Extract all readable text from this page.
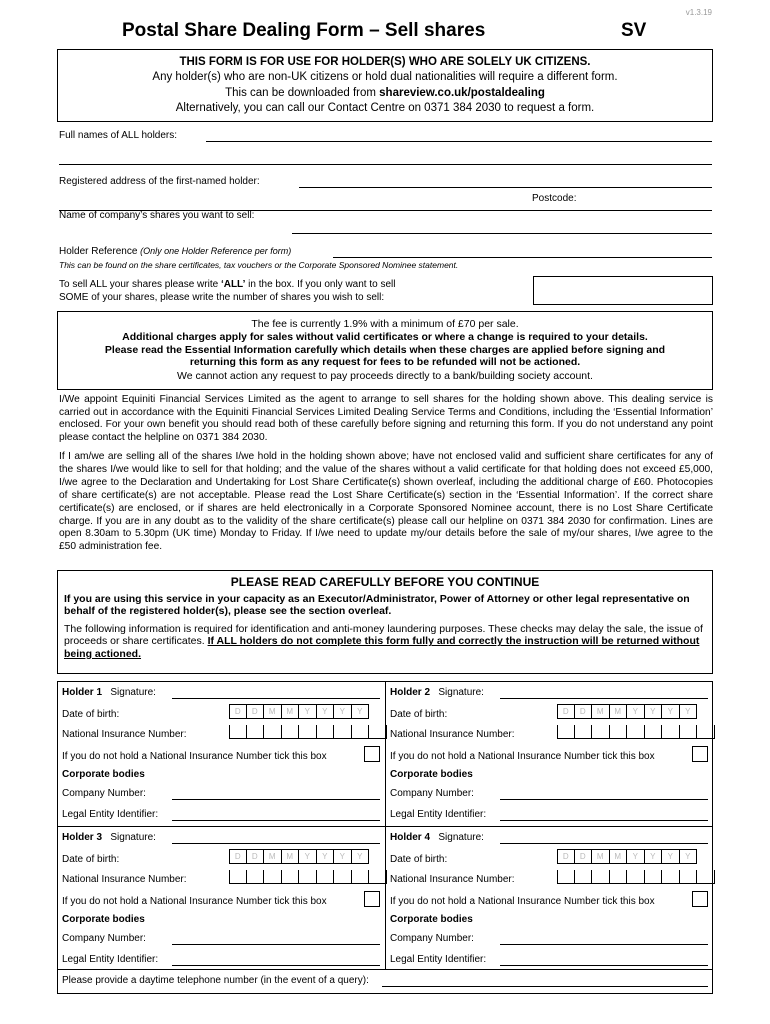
v1.3.19
Postal Share Dealing Form – Sell shares	SV
THIS FORM IS FOR USE FOR HOLDER(S) WHO ARE SOLELY UK CITIZENS.
Any holder(s) who are non-UK citizens or hold dual nationalities will require a different form.
This can be downloaded from shareview.co.uk/postaldealing
Alternatively, you can call our Contact Centre on 0371 384 2030 to request a form.
Full names of ALL holders:
Registered address of the first-named holder:
Postcode:
Name of company’s shares you want to sell:
Holder Reference (Only one Holder Reference per form)
This can be found on the share certificates, tax vouchers or the Corporate Sponsored Nominee statement.
To sell ALL your shares please write ‘ALL’ in the box. If you only want to sell
SOME of your shares, please write the number of shares you wish to sell:
The fee is currently 1.9% with a minimum of £70 per sale.
Additional charges apply for sales without valid certificates or where a change is required to your details.
Please read the Essential Information carefully which details when these charges are applied before signing and
returning this form as any request for fees to be refunded will not be actioned.
We cannot action any request to pay proceeds directly to a bank/building society account.
I/We appoint Equiniti Financial Services Limited as the agent to arrange to sell shares for the holding shown above. This dealing service is carried out in accordance with the Equiniti Financial Services Limited Dealing Service Terms and Conditions, including the ‘Essential Information’ enclosed. For your own benefit you should read both of these carefully before signing and returning this form. If you do not understand any point please contact the helpline on 0371 384 2030.
If I am/we are selling all of the shares I/we hold in the holding shown above; have not enclosed valid and sufficient share certificates for any of the shares I/we would like to sell for that holding; and the value of the shares without a valid certificate for that holding does not exceed £5,000, I/we agree to the Declaration and Undertaking for Lost Share Certificate(s) shown overleaf, including the additional charge of £60. Photocopies of share certificate(s) are not acceptable. Please read the Lost Share Certificate(s) section in the ‘Essential Information’. If the correct share certificate(s) are enclosed, or if shares are held electronically in a Corporate Sponsored Nominee account, there is no Lost Share Certificate charge. If you are in any doubt as to the validity of the share certificate(s) please call our helpline on 0371 384 2030 for confirmation. Lines are open 8.30am to 5.30pm (UK time) Monday to Friday. If I/we need to update my/our details before the sale of my/our shares, I/we agree to the £50 administration fee.
PLEASE READ CAREFULLY BEFORE YOU CONTINUE
If you are using this service in your capacity as an Executor/Administrator, Power of Attorney or other legal representative on behalf of the registered holder(s), please see the section overleaf.
The following information is required for identification and anti-money laundering purposes. These checks may delay the sale, the issue of proceeds or share certificates. If ALL holders do not complete this form fully and correctly the instruction will be returned without being actioned.
Holder 1 Signature:
Date of birth:	D	D	M	M	Y	Y	Y	Y
National Insurance Number:
If you do not hold a National Insurance Number tick this box
Corporate bodies
Company Number:
Legal Entity Identifier:
Holder 2 Signature:
Date of birth:	D	D	M	M	Y	Y	Y	Y
National Insurance Number:
If you do not hold a National Insurance Number tick this box
Corporate bodies
Company Number:
Legal Entity Identifier:
Holder 3 Signature:
Date of birth:	D	D	M	M	Y	Y	Y	Y
National Insurance Number:
If you do not hold a National Insurance Number tick this box
Corporate bodies
Company Number:
Legal Entity Identifier:
Holder 4 Signature:
Date of birth:	D	D	M	M	Y	Y	Y	Y
National Insurance Number:
If you do not hold a National Insurance Number tick this box
Corporate bodies
Company Number:
Legal Entity Identifier:
Please provide a daytime telephone number (in the event of a query):
